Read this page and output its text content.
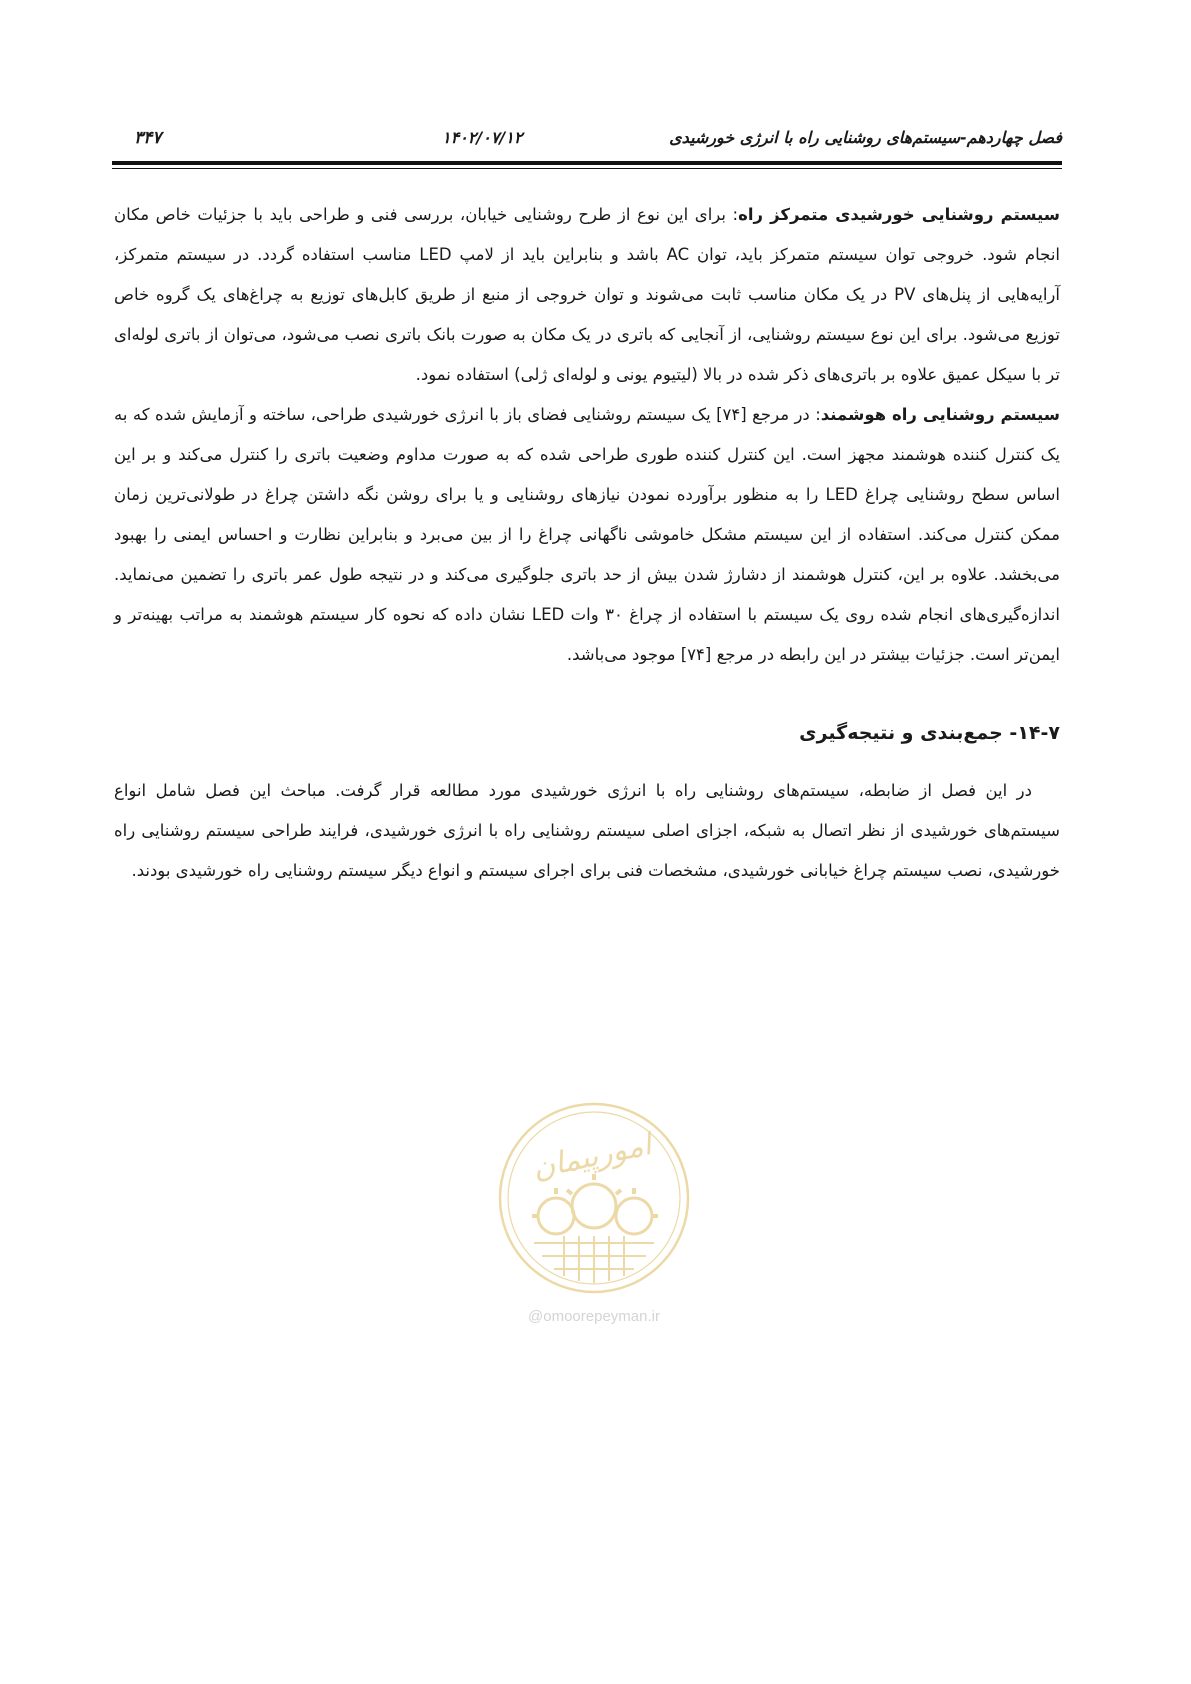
فصل چهاردهم-سیستم‌های روشنایی راه با انرژی خورشیدی
۱۴۰۲/۰۷/۱۲
۳۴۷

سیستم روشنایی خورشیدی متمرکز راه: برای این نوع از طرح روشنایی خیابان، بررسی فنی و طراحی باید با جزئیات خاص مکان انجام شود. خروجی توان سیستم متمرکز باید، توان AC باشد و بنابراین باید از لامپ LED مناسب استفاده گردد. در سیستم متمرکز، آرایه‌هایی از پنل‌های PV در یک مکان مناسب ثابت می‌شوند و توان خروجی از منبع از طریق کابل‌های توزیع به چراغ‌های یک گروه خاص توزیع می‌شود. برای این نوع سیستم روشنایی، از آنجایی که باتری در یک مکان به صورت بانک باتری نصب می‌شود، می‌توان از باتری لوله‌ای تر با سیکل عمیق علاوه بر باتری‌های ذکر شده در بالا (لیتیوم یونی و لوله‌ای ژلی) استفاده نمود.

سیستم روشنایی راه هوشمند: در مرجع [۷۴] یک سیستم روشنایی فضای باز با انرژی خورشیدی طراحی، ساخته و آزمایش شده که به یک کنترل کننده هوشمند مجهز است. این کنترل کننده طوری طراحی شده که به صورت مداوم وضعیت باتری را کنترل می‌کند و بر این اساس سطح روشنایی چراغ LED را به منظور برآورده نمودن نیازهای روشنایی و یا برای روشن نگه داشتن چراغ در طولانی‌ترین زمان ممکن کنترل می‌کند. استفاده از این سیستم مشکل خاموشی ناگهانی چراغ را از بین می‌برد و بنابراین نظارت و احساس ایمنی را بهبود می‌بخشد. علاوه بر این، کنترل هوشمند از دشارژ شدن بیش از حد باتری جلوگیری می‌کند و در نتیجه طول عمر باتری را تضمین می‌نماید. اندازه‌گیری‌های انجام شده روی یک سیستم با استفاده از چراغ ۳۰ وات LED نشان داده که نحوه کار سیستم هوشمند به مراتب بهینه‌تر و ایمن‌تر است. جزئیات بیشتر در این رابطه در مرجع [۷۴] موجود می‌باشد.

۱۴-۷- جمع‌بندی و نتیجه‌گیری

در این فصل از ضابطه، سیستم‌های روشنایی راه با انرژی خورشیدی مورد مطالعه قرار گرفت. مباحث این فصل شامل انواع سیستم‌های خورشیدی از نظر اتصال به شبکه، اجزای اصلی سیستم روشنایی راه با انرژی خورشیدی، فرایند طراحی سیستم روشنایی راه خورشیدی، نصب سیستم چراغ خیابانی خورشیدی، مشخصات فنی برای اجرای سیستم و انواع دیگر سیستم روشنایی راه خورشیدی بودند.

امورپیمان
@omoorepeyman.ir
